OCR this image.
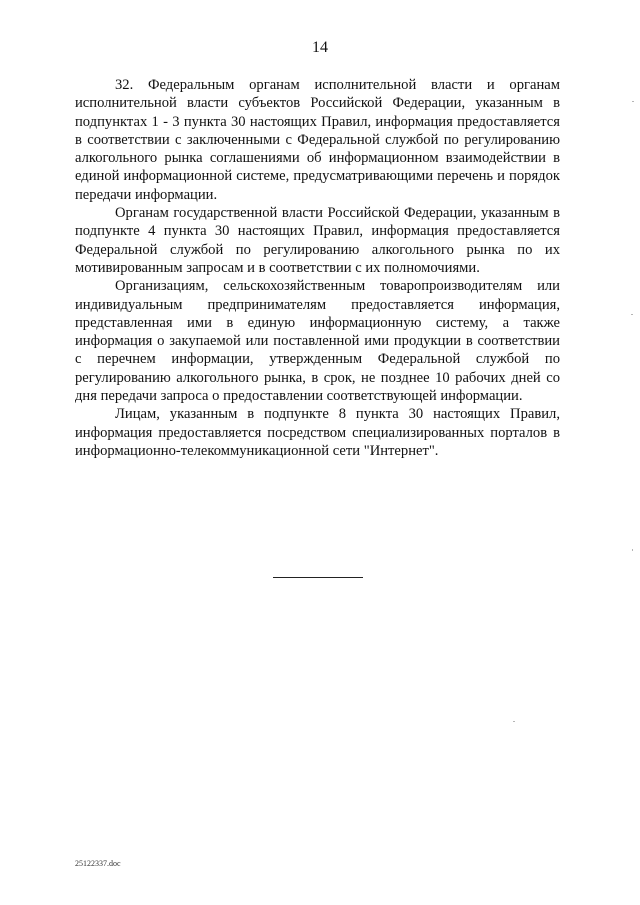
14

32. Федеральным органам исполнительной власти и органам исполнительной власти субъектов Российской Федерации, указанным в подпунктах 1 - 3 пункта 30 настоящих Правил, информация предоставляется в соответствии с заключенными с Федеральной службой по регулированию алкогольного рынка соглашениями об информационном взаимодействии в единой информационной системе, предусматривающими перечень и порядок передачи информации.

Органам государственной власти Российской Федерации, указанным в подпункте 4 пункта 30 настоящих Правил, информация предоставляется Федеральной службой по регулированию алкогольного рынка по их мотивированным запросам и в соответствии с их полномочиями.

Организациям, сельскохозяйственным товаропроизводителям или индивидуальным предпринимателям предоставляется информация, представленная ими в единую информационную систему, а также информация о закупаемой или поставленной ими продукции в соответствии с перечнем информации, утвержденным Федеральной службой по регулированию алкогольного рынка, в срок, не позднее 10 рабочих дней со дня передачи запроса о предоставлении соответствующей информации.

Лицам, указанным в подпункте 8 пункта 30 настоящих Правил, информация предоставляется посредством специализированных порталов в информационно-телекоммуникационной сети "Интернет".

25122337.doc
